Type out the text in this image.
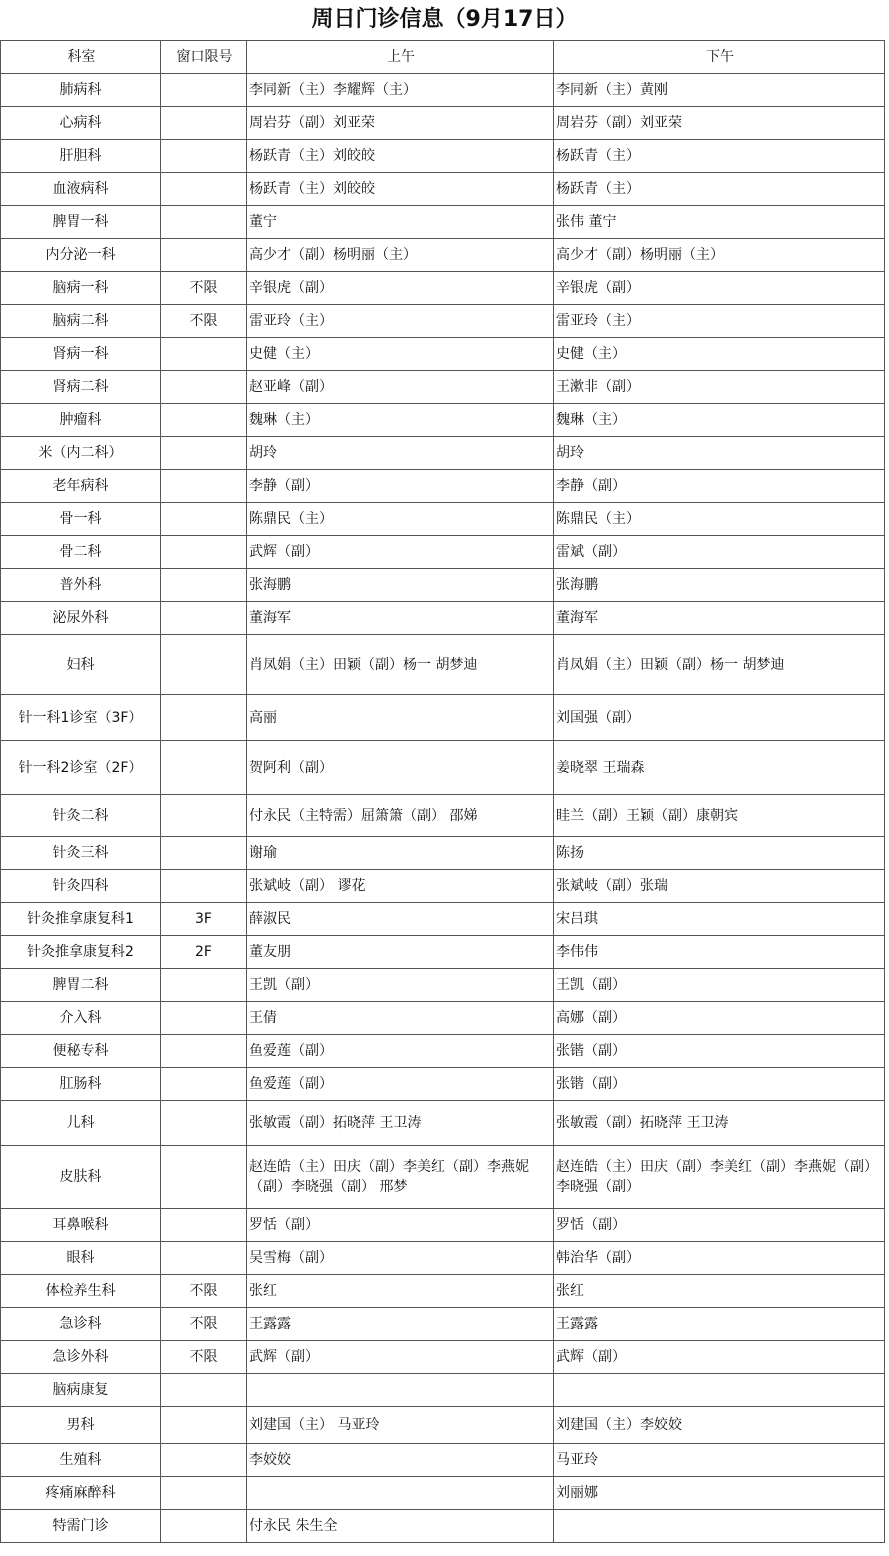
周日门诊信息（9月17日）
科室	窗口限号	上午	下午
肺病科		李同新（主）李耀辉（主）	李同新（主）黄刚
心病科		周岩芬（副）刘亚荣	周岩芬（副）刘亚荣
肝胆科		杨跃青（主）刘皎皎	杨跃青（主）
血液病科		杨跃青（主）刘皎皎	杨跃青（主）
脾胃一科		董宁	张伟 董宁
内分泌一科		高少才（副）杨明丽（主）	高少才（副）杨明丽（主）
脑病一科	不限	辛银虎（副）	辛银虎（副）
脑病二科	不限	雷亚玲（主）	雷亚玲（主）
肾病一科		史健（主）	史健（主）
肾病二科		赵亚峰（副）	王漱非（副）
肿瘤科		魏琳（主）	魏琳（主）
米（内二科）		胡玲	胡玲
老年病科		李静（副）	李静（副）
骨一科		陈鼎民（主）	陈鼎民（主）
骨二科		武辉（副）	雷斌（副）
普外科		张海鹏	张海鹏
泌尿外科		董海军	董海军
妇科		肖凤娟（主）田颖（副）杨一 胡梦迪	肖凤娟（主）田颖（副）杨一 胡梦迪
针一科1诊室（3F）		高丽	刘国强（副）
针一科2诊室（2F）		贺阿利（副）	姜晓翠 王瑞森
针灸二科		付永民（主特需）屈箫箫（副） 邵娣	眭兰（副）王颖（副）康朝宾
针灸三科		谢瑜	陈扬
针灸四科		张斌岐（副） 谬花	张斌岐（副）张瑞
针灸推拿康复科1	3F	薛淑民	宋吕琪
针灸推拿康复科2	2F	董友朋	李伟伟
脾胃二科		王凯（副）	王凯（副）
介入科		王倩	高娜（副）
便秘专科		鱼爱莲（副）	张锴（副）
肛肠科		鱼爱莲（副）	张锴（副）
儿科		张敏霞（副）拓晓萍 王卫涛	张敏霞（副）拓晓萍 王卫涛
皮肤科		赵连皓（主）田庆（副）李美红（副）李燕妮（副）李晓强（副） 邢梦	赵连皓（主）田庆（副）李美红（副）李燕妮（副）李晓强（副）
耳鼻喉科		罗恬（副）	罗恬（副）
眼科		吴雪梅（副）	韩治华（副）
体检养生科	不限	张红	张红
急诊科	不限	王露露	王露露
急诊外科	不限	武辉（副）	武辉（副）
脑病康复			
男科		刘建国（主） 马亚玲	刘建国（主）李姣姣
生殖科		李姣姣	马亚玲
疼痛麻醉科			刘丽娜
特需门诊		付永民 朱生全	
